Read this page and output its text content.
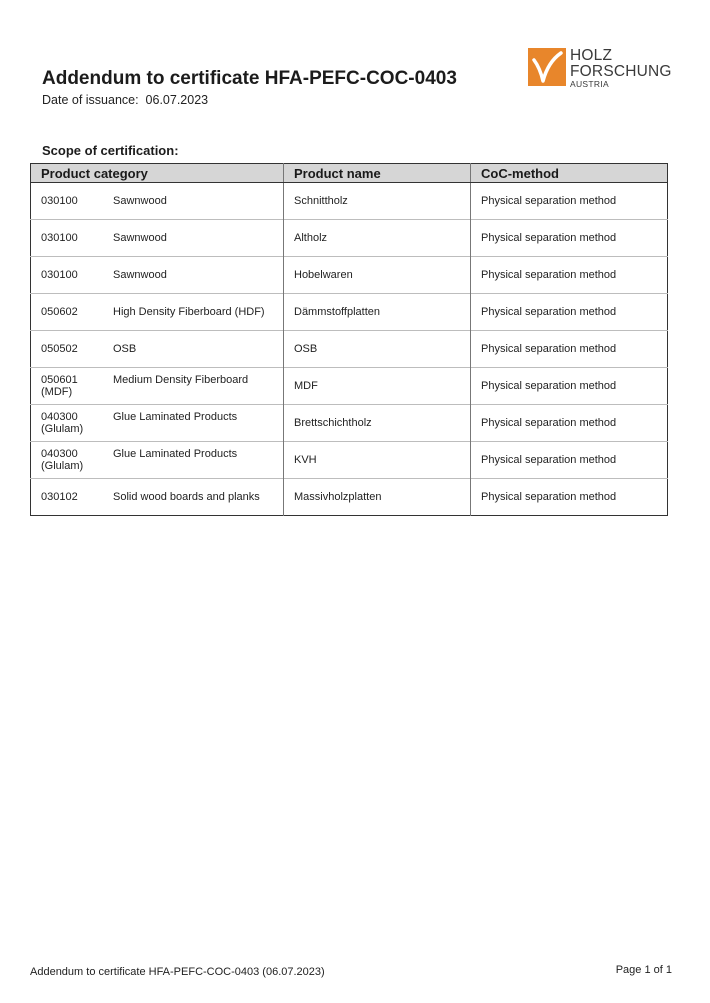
Addendum to certificate HFA-PEFC-COC-0403
Date of issuance: 06.07.2023
HOLZ
FORSCHUNG
AUSTRIA
Scope of certification:
Product category	Product name	CoC-method
030100 Sawnwood	Schnittholz	Physical separation method
030100 Sawnwood	Altholz	Physical separation method
030100 Sawnwood	Hobelwaren	Physical separation method
050602 High Density Fiberboard (HDF)	Dämmstoffplatten	Physical separation method
050502 OSB	OSB	Physical separation method
050601 Medium Density Fiberboard (MDF)	MDF	Physical separation method
040300 Glue Laminated Products (Glulam)	Brettschichtholz	Physical separation method
040300 Glue Laminated Products (Glulam)	KVH	Physical separation method
030102 Solid wood boards and planks	Massivholzplatten	Physical separation method
Addendum to certificate HFA-PEFC-COC-0403 (06.07.2023)	Page 1 of 1
